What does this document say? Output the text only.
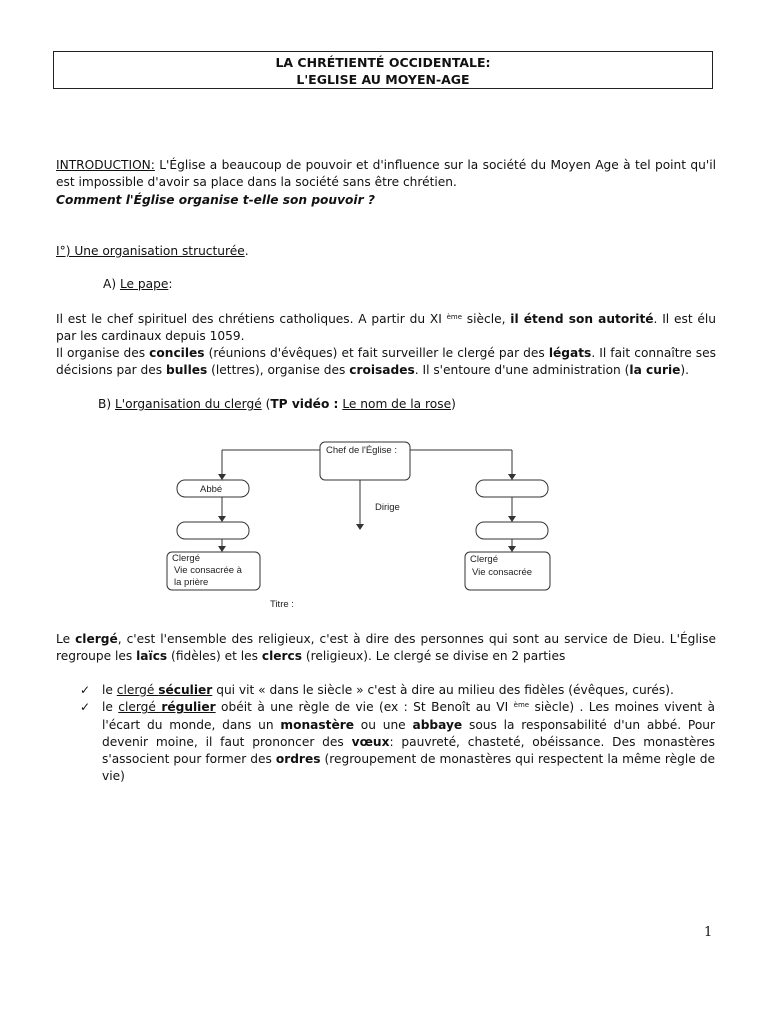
LA CHRÉTIENTÉ OCCIDENTALE:
L'EGLISE AU MOYEN-AGE
INTRODUCTION: L'Église a beaucoup de pouvoir et d'influence sur la société du Moyen Age à tel point qu'il est impossible d'avoir sa place dans la société sans être chrétien.
Comment l'Église organise t-elle son pouvoir ?
I°) Une organisation structurée.
A) Le pape:
Il est le chef spirituel des chrétiens catholiques. A partir du XI $^{ème}$ siècle, il étend son autorité. Il est élu par les cardinaux depuis 1059.
Il organise des conciles (réunions d'évêques) et fait surveiller le clergé par des légats. Il fait connaître ses décisions par des bulles (lettres), organise des croisades. Il s'entoure d'une administration (la curie).
B) L'organisation du clergé (TP vidéo : Le nom de la rose)
Chef de l'Église :
Dirige
Abbé
Clergé
Vie consacrée à
la prière
Clergé
Vie consacrée
Titre :
Le clergé, c'est l'ensemble des religieux, c'est à dire des personnes qui sont au service de Dieu. L'Église regroupe les laïcs (fidèles) et les clercs (religieux). Le clergé se divise en 2 parties
✓ le clergé séculier qui vit « dans le siècle » c'est à dire au milieu des fidèles (évêques, curés).
✓ le clergé régulier obéit à une règle de vie (ex : St Benoît au VI $^{ème}$ siècle) . Les moines vivent à l'écart du monde, dans un monastère ou une abbaye sous la responsabilité d'un abbé. Pour devenir moine, il faut prononcer des vœux: pauvreté, chasteté, obéissance. Des monastères s'associent pour former des ordres (regroupement de monastères qui respectent la même règle de vie)
1
